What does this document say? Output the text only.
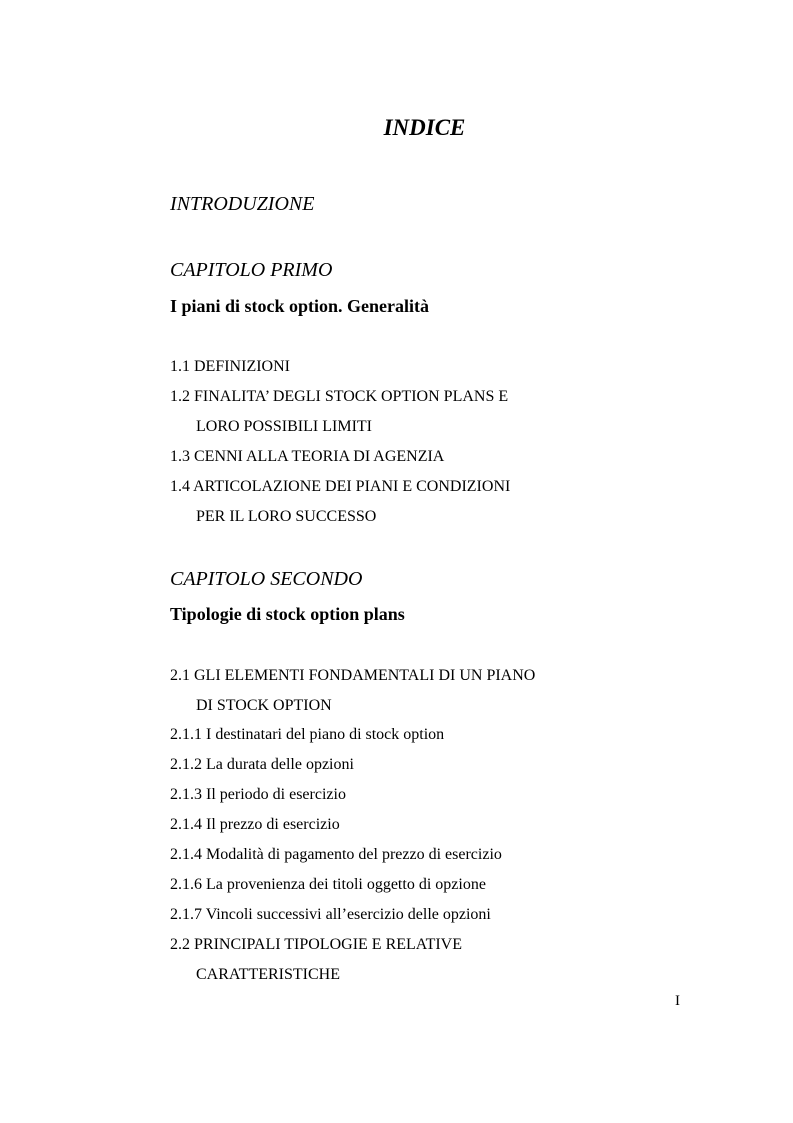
INDICE
INTRODUZIONE
CAPITOLO PRIMO
I piani di stock option. Generalità
1.1 DEFINIZIONI
1.2 FINALITA’ DEGLI STOCK OPTION PLANS E
LORO POSSIBILI LIMITI
1.3 CENNI ALLA TEORIA DI AGENZIA
1.4 ARTICOLAZIONE DEI PIANI E CONDIZIONI
PER IL LORO SUCCESSO
CAPITOLO SECONDO
Tipologie di stock option plans
2.1 GLI ELEMENTI FONDAMENTALI DI UN PIANO
DI STOCK OPTION
2.1.1 I destinatari del piano di stock option
2.1.2 La durata delle opzioni
2.1.3 Il periodo di esercizio
2.1.4 Il prezzo di esercizio
2.1.4 Modalità di pagamento del prezzo di esercizio
2.1.6 La provenienza dei titoli oggetto di opzione
2.1.7 Vincoli successivi all’esercizio delle opzioni
2.2 PRINCIPALI TIPOLOGIE E RELATIVE
CARATTERISTICHE
I
